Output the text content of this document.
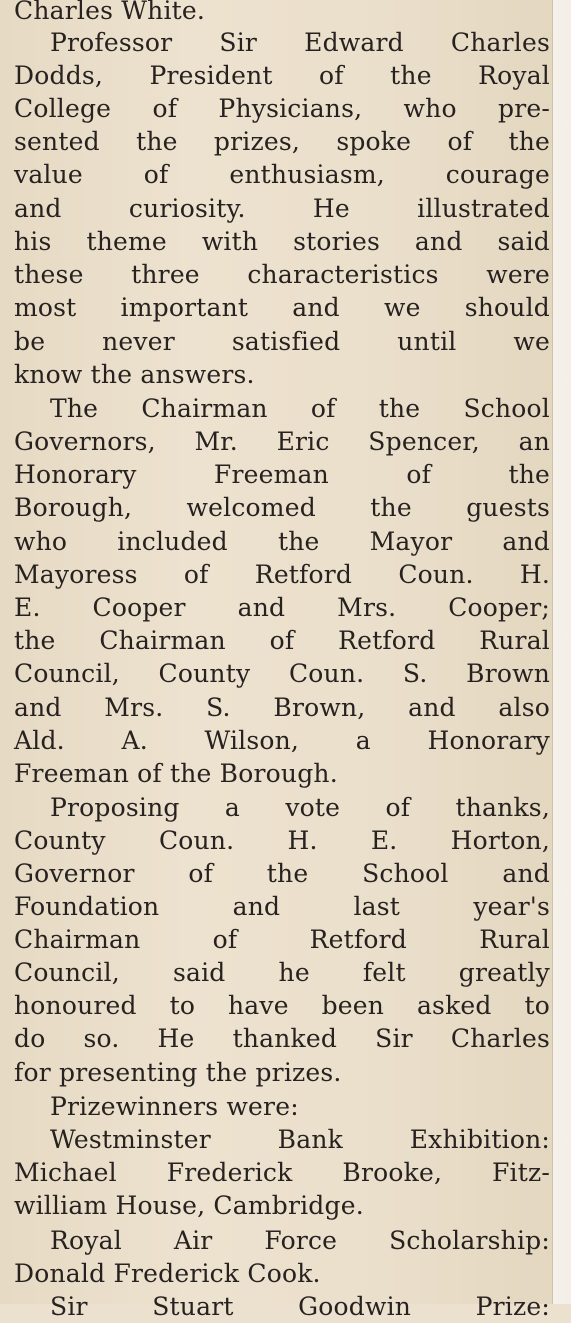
Charles White.
Professor Sir Edward Charles
Dodds, President of the Royal
College of Physicians, who pre-
sented the prizes, spoke of the
value of enthusiasm, courage
and curiosity. He illustrated
his theme with stories and said
these three characteristics were
most important and we should
be never satisfied until we
know the answers.
The Chairman of the School
Governors, Mr. Eric Spencer, an
Honorary Freeman of the
Borough, welcomed the guests
who included the Mayor and
Mayoress of Retford Coun. H.
E. Cooper and Mrs. Cooper;
the Chairman of Retford Rural
Council, County Coun. S. Brown
and Mrs. S. Brown, and also
Ald. A. Wilson, a Honorary
Freeman of the Borough.
Proposing a vote of thanks,
County Coun. H. E. Horton,
Governor of the School and
Foundation and last year's
Chairman of Retford Rural
Council, said he felt greatly
honoured to have been asked to
do so. He thanked Sir Charles
for presenting the prizes.
Prizewinners were:
Westminster Bank Exhibition:
Michael Frederick Brooke, Fitz-
william House, Cambridge.
Royal Air Force Scholarship:
Donald Frederick Cook.
Sir Stuart Goodwin Prize:
